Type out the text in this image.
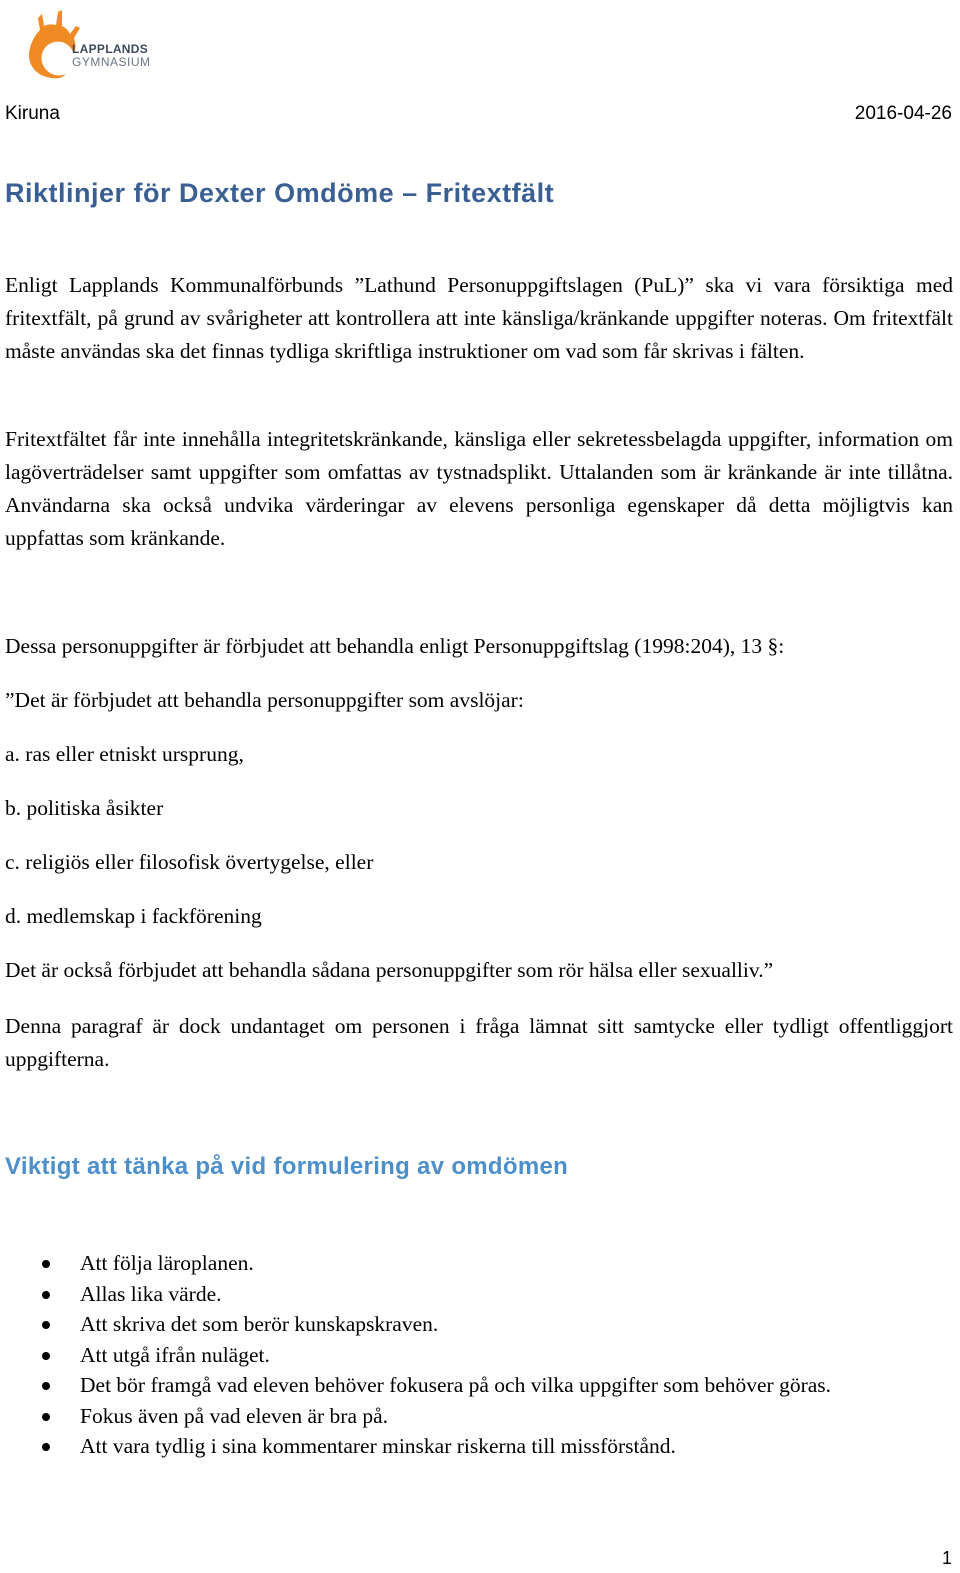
LAPPLANDS
GYMNASIUM
Kiruna	2016-04-26
Riktlinjer för Dexter Omdöme – Fritextfält

Enligt Lapplands Kommunalförbunds ”Lathund Personuppgiftslagen (PuL)” ska vi vara försiktiga med fritextfält, på grund av svårigheter att kontrollera att inte känsliga/kränkande uppgifter noteras. Om fritextfält måste användas ska det finnas tydliga skriftliga instruktioner om vad som får skrivas i fälten.

Fritextfältet får inte innehålla integritetskränkande, känsliga eller sekretessbelagda uppgifter, information om lagöverträdelser samt uppgifter som omfattas av tystnadsplikt. Uttalanden som är kränkande är inte tillåtna. Användarna ska också undvika värderingar av elevens personliga egenskaper då detta möjligtvis kan uppfattas som kränkande.

Dessa personuppgifter är förbjudet att behandla enligt Personuppgiftslag (1998:204), 13 §:

”Det är förbjudet att behandla personuppgifter som avslöjar:

a. ras eller etniskt ursprung,

b. politiska åsikter

c. religiös eller filosofisk övertygelse, eller

d. medlemskap i fackförening

Det är också förbjudet att behandla sådana personuppgifter som rör hälsa eller sexualliv.”

Denna paragraf är dock undantaget om personen i fråga lämnat sitt samtycke eller tydligt offentliggjort uppgifterna.

Viktigt att tänka på vid formulering av omdömen
Att följa läroplanen.
Allas lika värde.
Att skriva det som berör kunskapskraven.
Att utgå ifrån nuläget.
Det bör framgå vad eleven behöver fokusera på och vilka uppgifter som behöver göras.
Fokus även på vad eleven är bra på.
Att vara tydlig i sina kommentarer minskar riskerna till missförstånd.
1
